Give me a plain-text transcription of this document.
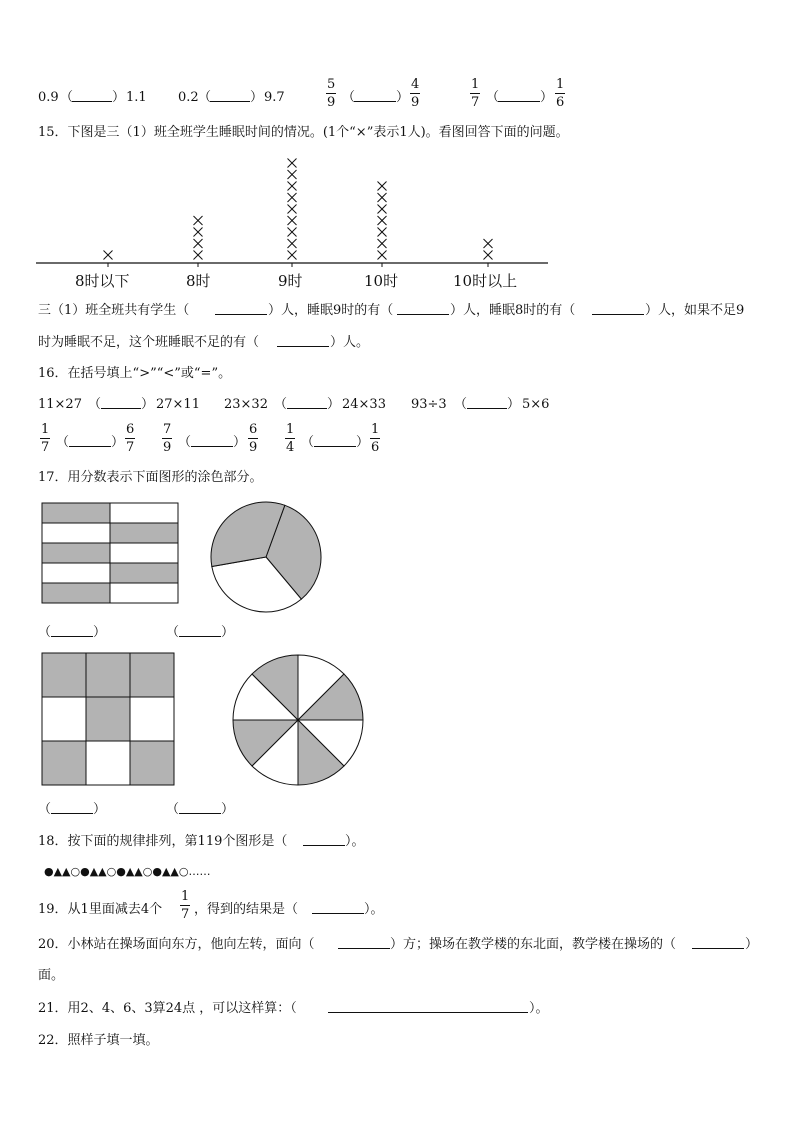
0.9 （	） 1.1 0.2 （	） 9.7	$\frac{5}{9}$ （	） $\frac{4}{9}$	$\frac{1}{7}$ （	） $\frac{1}{6}$
15．下图是三（1）班全班学生睡眠时间的情况。(1个“×”表示1人)。看图回答下面的问题。
8时以下	8时	9时	10时	10时以上
三（1）班全班共有学生（	）人，睡眠9时的有（	）人，睡眠8时的有（	）人，如果不足9
时为睡眠不足，这个班睡眠不足的有（	）人。
16．在括号填上“>”“<”或“=”。
11×27 （	） 27×11 23×32 （	） 24×33 93÷3 （	） 5×6
$\frac{1}{7}$ （	） $\frac{6}{7} \frac{7}{9}$ （	） $\frac{6}{9} \frac{1}{4}$ （	） $\frac{1}{6}$
17．用分数表示下面图形的涂色部分。
（	）	（	）
（	）	（	）
18．按下面的规律排列，第119个图形是（	）。
●▲▲○●▲▲○●▲▲○●▲▲○……
19．从1里面减去4个 $\frac{1}{7}$ ，得到的结果是（	）。
20．小林站在操场面向东方，他向左转，面向（	）方；操场在教学楼的东北面，教学楼在操场的（	）
面。
21．用2、4、6、3算24点 ，可以这样算：（	）。
22．照样子填一填。
